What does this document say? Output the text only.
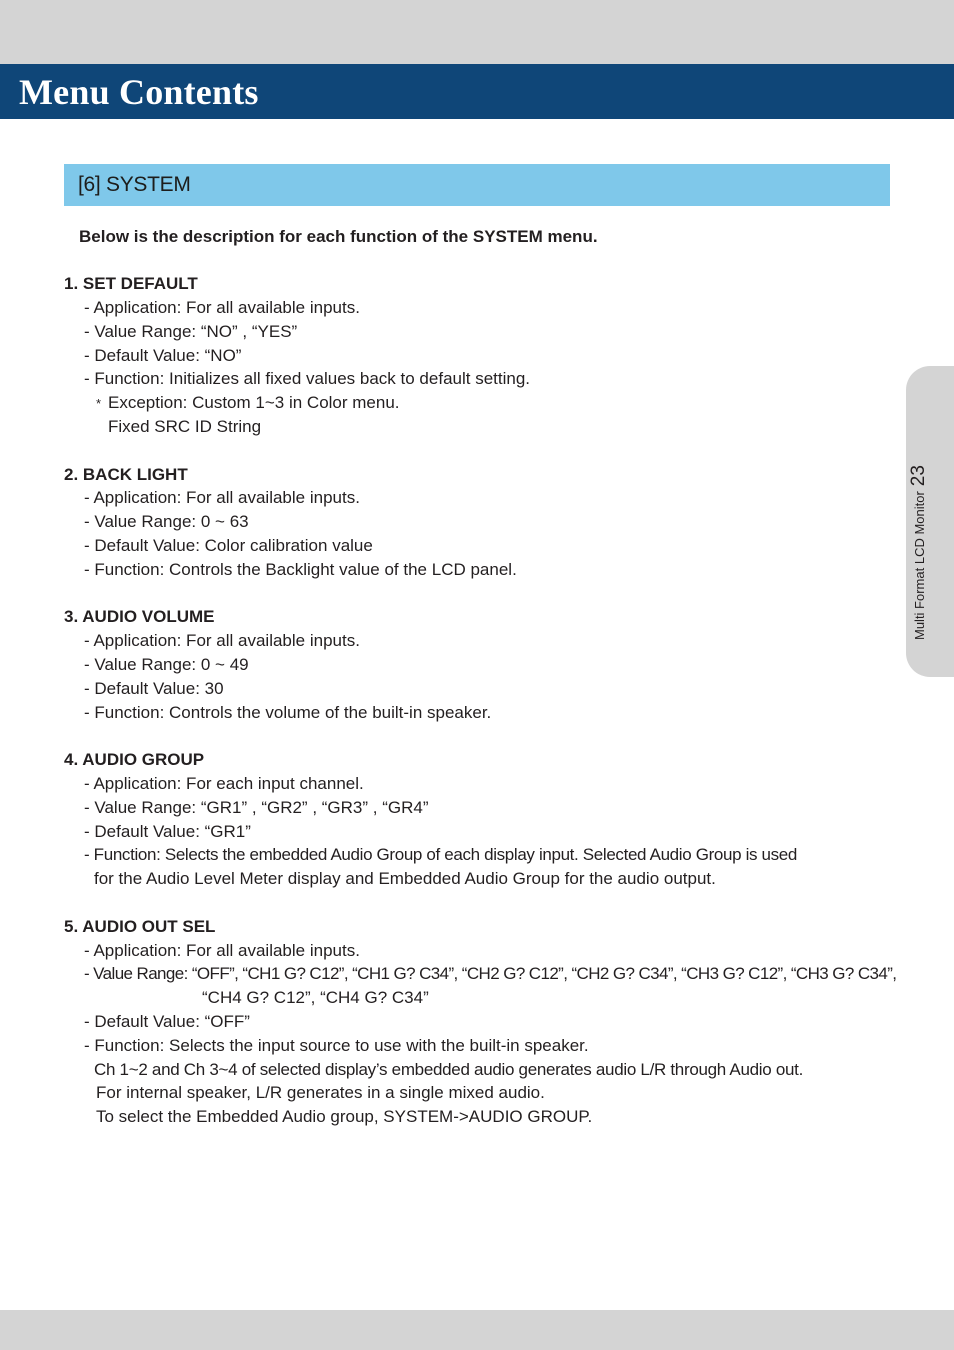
Menu Contents
[6] SYSTEM
Below is the description for each function of the SYSTEM menu.
1. SET DEFAULT
- Application: For all available inputs.
- Value Range: “NO” , “YES”
- Default Value: “NO”
- Function: Initializes all fixed values back to default setting.
* Exception: Custom 1~3 in Color menu.
Fixed SRC ID String
2. BACK LIGHT
- Application: For all available inputs.
- Value Range: 0 ~ 63
- Default Value: Color calibration value
- Function: Controls the Backlight value of the LCD panel.
3. AUDIO VOLUME
- Application: For all available inputs.
- Value Range: 0 ~ 49
- Default Value: 30
- Function: Controls the volume of the built-in speaker.
4. AUDIO GROUP
- Application: For each input channel.
- Value Range: “GR1” , “GR2” , “GR3” , “GR4”
- Default Value: “GR1”
- Function: Selects the embedded Audio Group of each display input. Selected Audio Group is used
for the Audio Level Meter display and Embedded Audio Group for the audio output.
5. AUDIO OUT SEL
- Application: For all available inputs.
- Value Range: “OFF”, “CH1 G? C12”, “CH1 G? C34”, “CH2 G? C12”, “CH2 G? C34”, “CH3 G? C12”, “CH3 G? C34”,
“CH4 G? C12”, “CH4 G? C34”
- Default Value: “OFF”
- Function: Selects the input source to use with the built-in speaker.
Ch 1~2 and Ch 3~4 of selected display’s embedded audio generates audio L/R through Audio out.
For internal speaker, L/R generates in a single mixed audio.
To select the Embedded Audio group, SYSTEM->AUDIO GROUP.
Multi Format LCD Monitor
23
